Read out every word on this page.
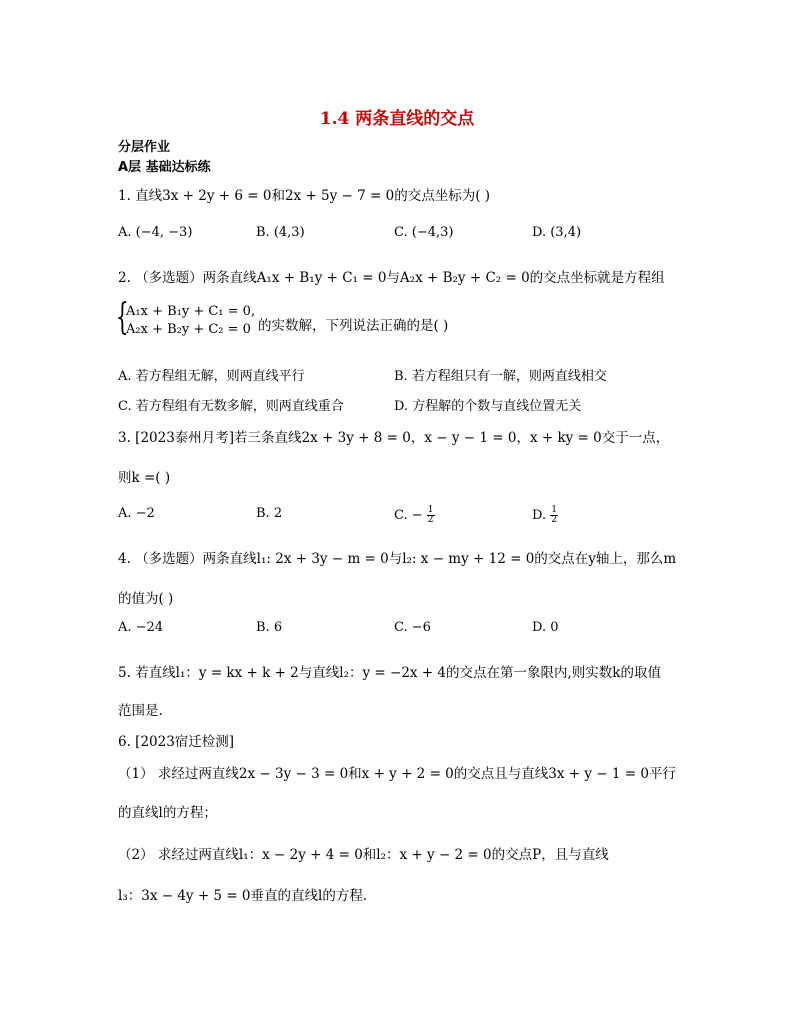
1.4 两条直线的交点
分层作业
A层 基础达标练
1. 直线3x + 2y + 6 = 0和2x + 5y − 7 = 0的交点坐标为( )
A. (−4, −3)	B. (4,3)	C. (−4,3)	D. (3,4)
2. （多选题）两条直线A₁x + B₁y + C₁ = 0与A₂x + B₂y + C₂ = 0的交点坐标就是方程组
{
A₁x + B₁y + C₁ = 0,
A₂x + B₂y + C₂ = 0 的实数解，下列说法正确的是( )
A. 若方程组无解，则两直线平行	B. 若方程组只有一解，则两直线相交
C. 若方程组有无数多解，则两直线重合	D. 方程解的个数与直线位置无关
3. [2023泰州月考]若三条直线2x + 3y + 8 = 0，x − y − 1 = 0，x + ky = 0交于一点，
则k =( )
A. −2	B. 2	C. − $\frac{1}{2}$	D. $\frac{1}{2}$
4. （多选题）两条直线l₁: 2x + 3y − m = 0与l₂: x − my + 12 = 0的交点在y轴上，那么m
的值为( )
A. −24	B. 6	C. −6	D. 0
5. 若直线l₁：y = kx + k + 2与直线l₂：y = −2x + 4的交点在第一象限内,则实数k的取值
范围是.
6. [2023宿迁检测]
（1） 求经过两直线2x − 3y − 3 = 0和x + y + 2 = 0的交点且与直线3x + y − 1 = 0平行
的直线l的方程；
（2） 求经过两直线l₁：x − 2y + 4 = 0和l₂：x + y − 2 = 0的交点P，且与直线
l₃：3x − 4y + 5 = 0垂直的直线l的方程.
